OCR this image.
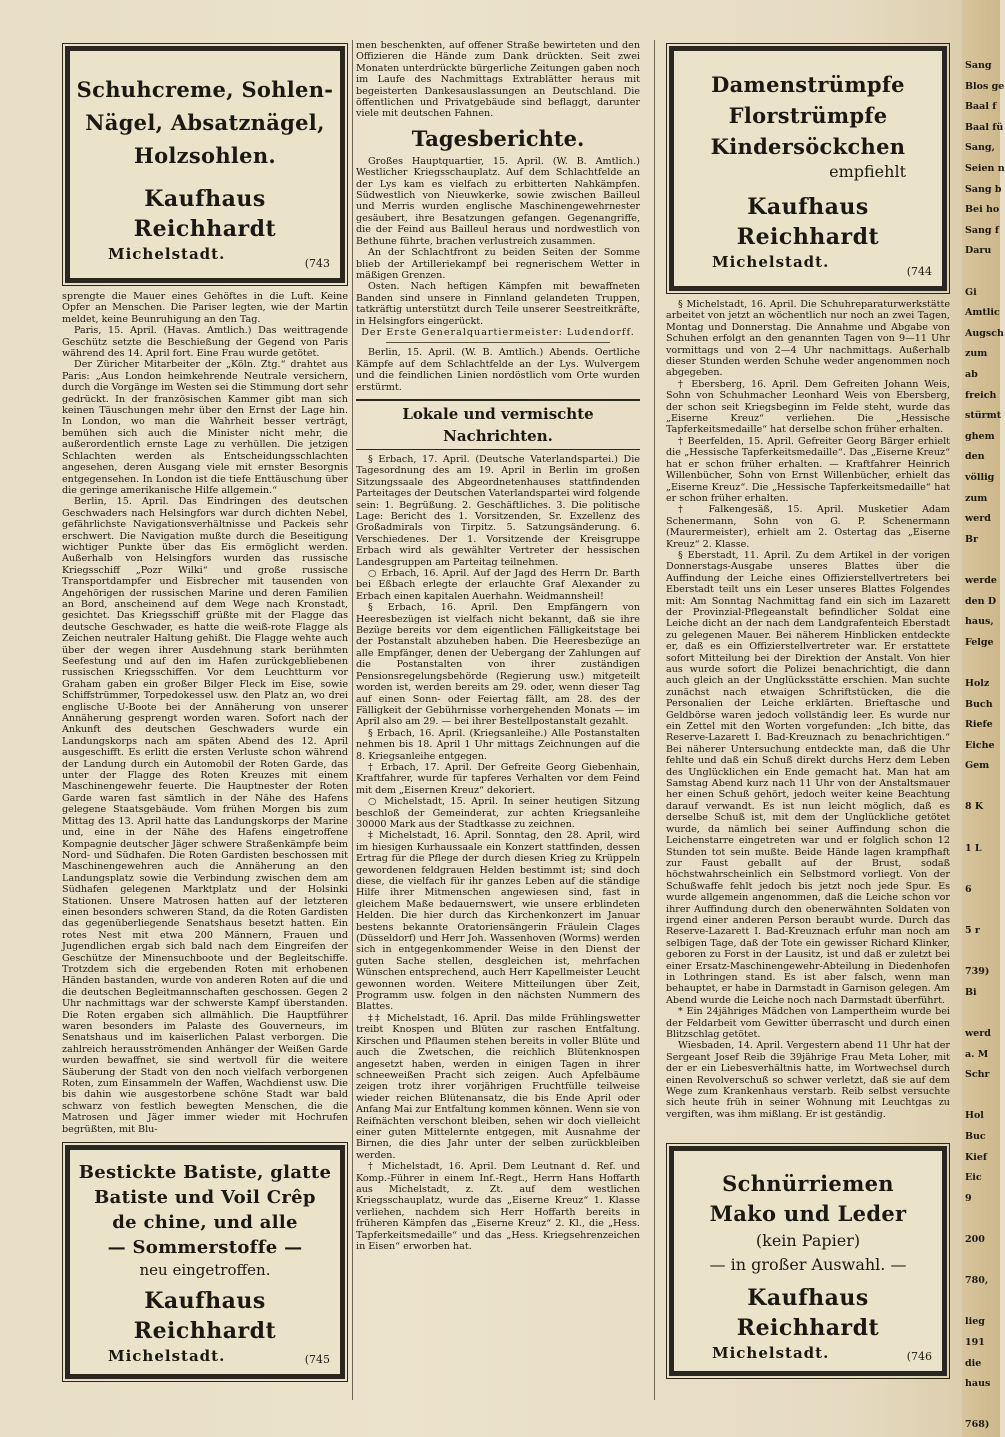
Schuhcreme, Sohlen-
Nägel, Absatznägel,
Holzsohlen.
Kaufhaus Reichhardt
Michelstadt.
(743

sprengte die Mauer eines Gehöftes in die Luft. Keine Opfer an Menschen. Die Pariser legten, wie der Martin meldet, keine Beunruhigung an den Tag.

Paris, 15. April. (Havas. Amtlich.) Das weittragende Geschütz setzte die Beschießung der Gegend von Paris während des 14. April fort. Eine Frau wurde getötet.

Der Züricher Mitarbeiter der „Köln. Ztg.“ drahtet aus Paris: „Aus London heimkehrende Neutrale versichern, durch die Vorgänge im Westen sei die Stimmung dort sehr gedrückt. In der französischen Kammer gibt man sich keinen Täuschungen mehr über den Ernst der Lage hin. In London, wo man die Wahrheit besser verträgt, bemühen sich auch die Minister nicht mehr, die außerordentlich ernste Lage zu verhüllen. Die jetzigen Schlachten werden als Entscheidungsschlachten angesehen, deren Ausgang viele mit ernster Besorgnis entgegensehen. In London ist die tiefe Enttäuschung über die geringe amerikanische Hilfe allgemein.“

Berlin, 15. April. Das Eindringen des deutschen Geschwaders nach Helsingfors war durch dichten Nebel, gefährlichste Navigationsverhältnisse und Packeis sehr erschwert. Die Navigation mußte durch die Beseitigung wichtiger Punkte über das Eis ermöglicht werden. Außerhalb von Helsingfors wurden das russische Kriegsschiff „Pozr Wilki“ und große russische Transportdampfer und Eisbrecher mit tausenden von Angehörigen der russischen Marine und deren Familien an Bord, anscheinend auf dem Wege nach Kronstadt, gesichtet. Das Kriegsschiff grüßte mit der Flagge das deutsche Geschwader, es hatte die weiß-rote Flagge als Zeichen neutraler Haltung gehißt. Die Flagge wehte auch über der wegen ihrer Ausdehnung stark berühmten Seefestung und auf den im Hafen zurückgebliebenen russischen Kriegsschiffen. Vor dem Leuchtturm vor Graham gaben ein großer Bilger Fleck im Eise, sowie Schiffstrümmer, Torpedokessel usw. den Platz an, wo drei englische U-Boote bei der Annäherung von unserer Annäherung gesprengt worden waren. Sofort nach der Ankunft des deutschen Geschwaders wurde ein Landungskorps nach am späten Abend des 12. April ausgeschifft. Es erlitt die ersten Verluste schon während der Landung durch ein Automobil der Roten Garde, das unter der Flagge des Roten Kreuzes mit einem Maschinengewehr feuerte. Die Hauptnester der Roten Garde waren fast sämtlich in der Nähe des Hafens gelegene Staatsgebäude. Vom frühen Morgen bis zum Mittag des 13. April hatte das Landungskorps der Marine und, eine in der Nähe des Hafens eingetroffene Kompagnie deutscher Jäger schwere Straßenkämpfe beim Nord- und Südhafen. Die Roten Gardisten beschossen mit Maschinengewehren auch die Annäherung an den Landungsplatz sowie die Verbindung zwischen dem am Südhafen gelegenen Marktplatz und der Holsinki Stationen. Unsere Matrosen hatten auf der letzteren einen besonders schweren Stand, da die Roten Gardisten das gegenüberliegende Senatshaus besetzt hatten. Ein rotes Nest mit etwa 200 Männern, Frauen und Jugendlichen ergab sich bald nach dem Eingreifen der Geschütze der Minensuchboote und der Begleitschiffe. Trotzdem sich die ergebenden Roten mit erhobenen Händen bastanden, wurde von anderen Roten auf die und die deutschen Begleitmannschaften geschossen. Gegen 2 Uhr nachmittags war der schwerste Kampf überstanden. Die Roten ergaben sich allmählich. Die Hauptführer waren besonders im Palaste des Gouverneurs, im Senatshaus und im kaiserlichen Palast verborgen. Die zahlreich herausströmenden Anhänger der Weißen Garde wurden bewaffnet, sie sind wertvoll für die weitere Säuberung der Stadt von den noch vielfach verborgenen Roten, zum Einsammeln der Waffen, Wachdienst usw. Die bis dahin wie ausgestorbene schöne Stadt war bald schwarz von festlich bewegten Menschen, die die Matrosen und Jäger immer wieder mit Hochrufen begrüßten, mit Blu-

Bestickte Batiste, glatte
Batiste und Voil Crêp
de chine, und alle
— Sommerstoffe —
neu eingetroffen.
Kaufhaus Reichhardt
Michelstadt.	(745

men beschenkten, auf offener Straße bewirteten und den Offizieren die Hände zum Dank drückten. Seit zwei Monaten unterdrückte bürgerliche Zeitungen gaben noch im Laufe des Nachmittags Extrablätter heraus mit begeisterten Dankesauslassungen an Deutschland. Die öffentlichen und Privatgebäude sind beflaggt, darunter viele mit deutschen Fahnen.

Tagesberichte.

Großes Hauptquartier, 15. April. (W. B. Amtlich.) Westlicher Kriegsschauplatz. Auf dem Schlachtfelde an der Lys kam es vielfach zu erbitterten Nahkämpfen. Südwestlich von Nieuwkerke, sowie zwischen Bailleul und Merris wurden englische Maschinengewehrnester gesäubert, ihre Besatzungen gefangen. Gegenangriffe, die der Feind aus Bailleul heraus und nordwestlich von Bethune führte, brachen verlustreich zusammen.

An der Schlachtfront zu beiden Seiten der Somme blieb der Artilleriekampf bei regnerischem Wetter in mäßigen Grenzen.

Osten. Nach heftigen Kämpfen mit bewaffneten Banden sind unsere in Finnland gelandeten Truppen, tatkräftig unterstützt durch Teile unserer Seestreitkräfte, in Helsingfors eingerückt.

Der Erste Generalquartiermeister: Ludendorff.

Berlin, 15. April. (W. B. Amtlich.) Abends. Oertliche Kämpfe auf dem Schlachtfelde an der Lys. Wulvergem und die feindlichen Linien nordöstlich vom Orte wurden erstürmt.

Lokale und vermischte Nachrichten.

§ Erbach, 17. April. (Deutsche Vaterlandspartei.) Die Tagesordnung des am 19. April in Berlin im großen Sitzungssaale des Abgeordnetenhauses stattfindenden Parteitages der Deutschen Vaterlandspartei wird folgende sein: 1. Begrüßung. 2. Geschäftliches. 3. Die politische Lage: Bericht des 1. Vorsitzenden, Sr. Exzellenz des Großadmirals von Tirpitz. 5. Satzungsänderung. 6. Verschiedenes. Der 1. Vorsitzende der Kreisgruppe Erbach wird als gewählter Vertreter der hessischen Landesgruppen am Parteitag teilnehmen.

○ Erbach, 16. April. Auf der Jagd des Herrn Dr. Barth bei Eßbach erlegte der erlauchte Graf Alexander zu Erbach einen kapitalen Auerhahn. Weidmannsheil!

§ Erbach, 16. April. Den Empfängern von Heeresbezügen ist vielfach nicht bekannt, daß sie ihre Bezüge bereits vor dem eigentlichen Fälligkeitstage bei der Postanstalt abzuheben haben. Die Heeresbezüge an alle Empfänger, denen der Uebergang der Zahlungen auf die Postanstalten von ihrer zuständigen Pensionsregelungsbehörde (Regierung usw.) mitgeteilt worden ist, werden bereits am 29. oder, wenn dieser Tag auf einen Sonn- oder Feiertag fällt, am 28. des der Fälligkeit der Gebührnisse vorhergehenden Monats — im April also am 29. — bei ihrer Bestellpostanstalt gezahlt.

§ Erbach, 16. April. (Kriegsanleihe.) Alle Postanstalten nehmen bis 18. April 1 Uhr mittags Zeichnungen auf die 8. Kriegsanleihe entgegen.

† Erbach, 17. April. Der Gefreite Georg Giebenhain, Kraftfahrer, wurde für tapferes Verhalten vor dem Feind mit dem „Eisernen Kreuz“ dekoriert.

○ Michelstadt, 15. April. In seiner heutigen Sitzung beschloß der Gemeinderat, zur achten Kriegsanleihe 30000 Mark aus der Stadtkasse zu zeichnen.

‡ Michelstadt, 16. April. Sonntag, den 28. April, wird im hiesigen Kurhaussaale ein Konzert stattfinden, dessen Ertrag für die Pflege der durch diesen Krieg zu Krüppeln gewordenen feldgrauen Helden bestimmt ist; sind doch diese, die vielfach für ihr ganzes Leben auf die ständige Hilfe ihrer Mitmenschen angewiesen sind, fast in gleichem Maße bedauernswert, wie unsere erblindeten Helden. Die hier durch das Kirchenkonzert im Januar bestens bekannte Oratoriensängerin Fräulein Clages (Düsseldorf) und Herr Joh. Wassenhoven (Worms) werden sich in entgegenkommender Weise in den Dienst der guten Sache stellen, desgleichen ist, mehrfachen Wünschen entsprechend, auch Herr Kapellmeister Leucht gewonnen worden. Weitere Mitteilungen über Zeit, Programm usw. folgen in den nächsten Nummern des Blattes.

‡‡ Michelstadt, 16. April. Das milde Frühlingswetter treibt Knospen und Blüten zur raschen Entfaltung. Kirschen und Pflaumen stehen bereits in voller Blüte und auch die Zwetschen, die reichlich Blütenknospen angesetzt haben, werden in einigen Tagen in ihrer schneeweißen Pracht sich zeigen. Auch Apfelbäume zeigen trotz ihrer vorjährigen Fruchtfülle teilweise wieder reichen Blütenansatz, die bis Ende April oder Anfang Mai zur Entfaltung kommen können. Wenn sie von Reifnächten verschont bleiben, sehen wir doch vielleicht einer guten Mittelernte entgegen, mit Ausnahme der Birnen, die dies Jahr unter der selben zurückbleiben werden.

† Michelstadt, 16. April. Dem Leutnant d. Ref. und Komp.-Führer in einem Inf.-Regt., Herrn Hans Hoffarth aus Michelstadt, z. Zt. auf dem westlichen Kriegsschauplatz, wurde das „Eiserne Kreuz“ 1. Klasse verliehen, nachdem sich Herr Hoffarth bereits in früheren Kämpfen das „Eiserne Kreuz“ 2. Kl., die „Hess. Tapferkeitsmedaille“ und das „Hess. Kriegsehrenzeichen in Eisen“ erworben hat.

Damenstrümpfe
Florstrümpfe
Kindersöckchen
empfiehlt
Kaufhaus Reichhardt
Michelstadt.
(744

§ Michelstadt, 16. April. Die Schuhreparaturwerkstätte arbeitet von jetzt an wöchentlich nur noch an zwei Tagen, Montag und Donnerstag. Die Annahme und Abgabe von Schuhen erfolgt an den genannten Tagen von 9—11 Uhr vormittags und von 2—4 Uhr nachmittags. Außerhalb dieser Stunden werden Schuhe weder angenommen noch abgegeben.

† Ebersberg, 16. April. Dem Gefreiten Johann Weis, Sohn von Schuhmacher Leonhard Weis von Ebersberg, der schon seit Kriegsbeginn im Felde steht, wurde das „Eiserne Kreuz“ verliehen. Die „Hessische Tapferkeitsmedaille“ hat derselbe schon früher erhalten.

† Beerfelden, 15. April. Gefreiter Georg Bärger erhielt die „Hessische Tapferkeitsmedaille“. Das „Eiserne Kreuz“ hat er schon früher erhalten. — Kraftfahrer Heinrich Willenbücher, Sohn von Ernst Willenbücher, erhielt das „Eiserne Kreuz“. Die „Hessische Tapferkeitsmedaille“ hat er schon früher erhalten.

† Falkengesäß, 15. April. Musketier Adam Schenermann, Sohn von G. P. Schenermann (Maurermeister), erhielt am 2. Ostertag das „Eiserne Kreuz“ 2. Klasse.

§ Eberstadt, 11. April. Zu dem Artikel in der vorigen Donnerstags-Ausgabe unseres Blattes über die Auffindung der Leiche eines Offizierstellvertreters bei Eberstadt teilt uns ein Leser unseres Blattes Folgendes mit: Am Sonntag Nachmittag fand ein sich im Lazarett der Provinzial-Pflegeanstalt befindlicher Soldat eine Leiche dicht an der nach dem Landgrafenteich Eberstadt zu gelegenen Mauer. Bei näherem Hinblicken entdeckte er, daß es ein Offizierstellvertreter war. Er erstattete sofort Mitteilung bei der Direktion der Anstalt. Von hier aus wurde sofort die Polizei benachrichtigt, die dann auch gleich an der Unglücksstätte erschien. Man suchte zunächst nach etwaigen Schriftstücken, die die Personalien der Leiche erklärten. Brieftasche und Geldbörse waren jedoch vollständig leer. Es wurde nur ein Zettel mit den Worten vorgefunden: „Ich bitte, das Reserve-Lazarett I. Bad-Kreuznach zu benachrichtigen.“ Bei näherer Untersuchung entdeckte man, daß die Uhr fehlte und daß ein Schuß direkt durchs Herz dem Leben des Unglücklichen ein Ende gemacht hat. Man hat am Samstag Abend kurz nach 11 Uhr von der Anstaltsmauer her einen Schuß gehört, jedoch weiter keine Beachtung darauf verwandt. Es ist nun leicht möglich, daß es derselbe Schuß ist, mit dem der Unglückliche getötet wurde, da nämlich bei seiner Auffindung schon die Leichenstarre eingetreten war und er folglich schon 12 Stunden tot sein mußte. Beide Hände lagen krampfhaft zur Faust geballt auf der Brust, sodaß höchstwahrscheinlich ein Selbstmord vorliegt. Von der Schußwaffe fehlt jedoch bis jetzt noch jede Spur. Es wurde allgemein angenommen, daß die Leiche schon vor ihrer Auffindung durch den obenerwähnten Soldaten von irgend einer anderen Person beraubt wurde. Durch das Reserve-Lazarett I. Bad-Kreuznach erfuhr man noch am selbigen Tage, daß der Tote ein gewisser Richard Klinker, geboren zu Forst in der Lausitz, ist und daß er zuletzt bei einer Ersatz-Maschinengewehr-Abteilung in Diedenhofen in Lothringen stand. Es ist aber falsch, wenn man behauptet, er habe in Darmstadt in Garnison gelegen. Am Abend wurde die Leiche noch nach Darmstadt überführt.

* Ein 24jähriges Mädchen von Lampertheim wurde bei der Feldarbeit vom Gewitter überrascht und durch einen Blitzschlag getötet.

Wiesbaden, 14. April. Vergestern abend 11 Uhr hat der Sergeant Josef Reib die 39jährige Frau Meta Loher, mit der er ein Liebesverhältnis hatte, im Wortwechsel durch einen Revolverschuß so schwer verletzt, daß sie auf dem Wege zum Krankenhaus verstarb. Reib selbst versuchte sich heute früh in seiner Wohnung mit Leuchtgas zu vergiften, was ihm mißlang. Er ist geständig.

Schnürriemen
Mako und Leder
(kein Papier)
— in großer Auswahl. —
Kaufhaus Reichhardt
Michelstadt.	(746
Sang
Blos ge
Baal f
Baal fü
Sang,
Seien n
Sang b
Bei ho
Sang f
Daru
Gi
Amtlic
Augsch
zum
ab
freich
stürmt
ghem
den
völlig
zum
werd
Br
werde
den D
haus,
Felge
Holz
Buch
Riefe
Eiche
Gem
8 K
1 L
6
5 r
739)
Bi
werd
a. M
Schr
Hol
Buc
Kief
Eic
9
200
780,
lieg
191
die
haus
768)
